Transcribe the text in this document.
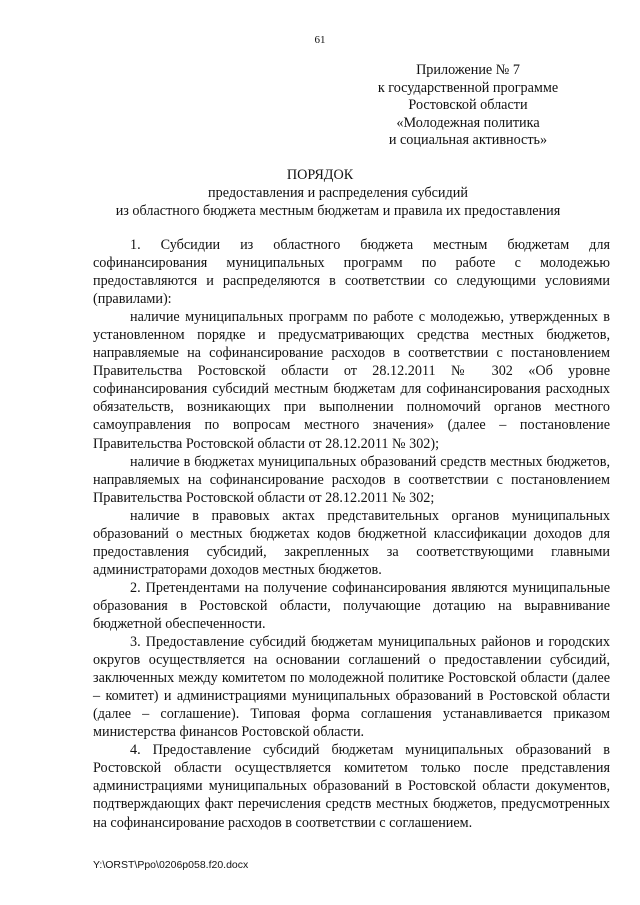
61
Приложение № 7
к государственной программе
Ростовской области
«Молодежная политика
и социальная активность»
ПОРЯДОК
предоставления и распределения субсидий
из областного бюджета местным бюджетам и правила их предоставления

1. Субсидии из областного бюджета местным бюджетам для софинансирования муниципальных программ по работе с молодежью предоставляются и распределяются в соответствии со следующими условиями (правилами):

наличие муниципальных программ по работе с молодежью, утвержденных в установленном порядке и предусматривающих средства местных бюджетов, направляемые на софинансирование расходов в соответствии с постановлением Правительства Ростовской области от 28.12.2011 № 302 «Об уровне софинансирования субсидий местным бюджетам для софинансирования расходных обязательств, возникающих при выполнении полномочий органов местного самоуправления по вопросам местного значения» (далее – постановление Правительства Ростовской области от 28.12.2011 № 302);

наличие в бюджетах муниципальных образований средств местных бюджетов, направляемых на софинансирование расходов в соответствии с постановлением Правительства Ростовской области от 28.12.2011 № 302;

наличие в правовых актах представительных органов муниципальных образований о местных бюджетах кодов бюджетной классификации доходов для предоставления субсидий, закрепленных за соответствующими главными администраторами доходов местных бюджетов.

2. Претендентами на получение софинансирования являются муниципальные образования в Ростовской области, получающие дотацию на выравнивание бюджетной обеспеченности.

3. Предоставление субсидий бюджетам муниципальных районов и городских округов осуществляется на основании соглашений о предоставлении субсидий, заключенных между комитетом по молодежной политике Ростовской области (далее – комитет) и администрациями муниципальных образований в Ростовской области (далее – соглашение). Типовая форма соглашения устанавливается приказом министерства финансов Ростовской области.

4. Предоставление субсидий бюджетам муниципальных образований в Ростовской области осуществляется комитетом только после представления администрациями муниципальных образований в Ростовской области документов, подтверждающих факт перечисления средств местных бюджетов, предусмотренных на софинансирование расходов в соответствии с соглашением.

Y:\ORST\Ppo\0206p058.f20.docx
